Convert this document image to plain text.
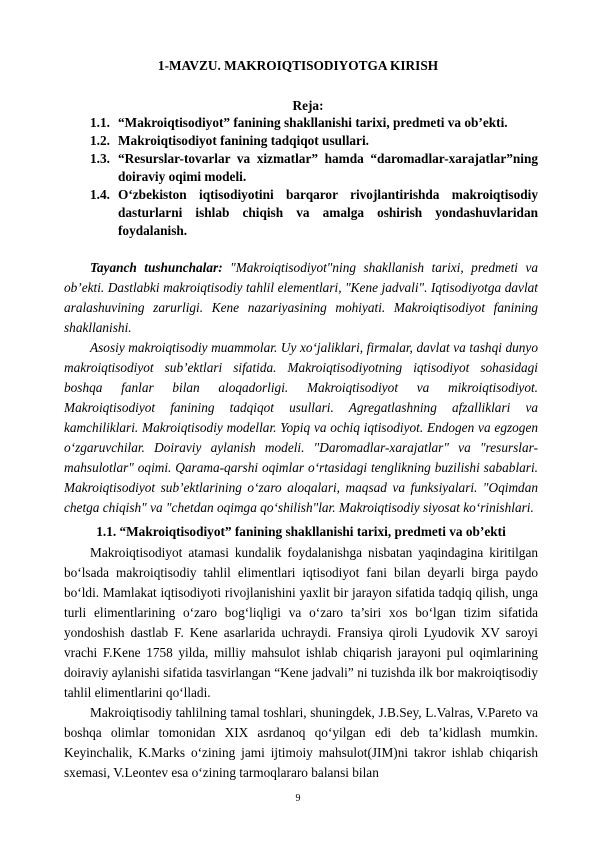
1-MAVZU. MAKROIQTISODIYOTGA KIRISH
Reja:
1.1. “Makroiqtisodiyot” fanining shakllanishi tarixi, predmeti va ob’ekti.
1.2. Makroiqtisodiyot fanining tadqiqot usullari.
1.3. “Resurslar-tovarlar va xizmatlar” hamda “daromadlar-xarajatlar”ning doiraviy oqimi modeli.
1.4. O‘zbekiston iqtisodiyotini barqaror rivojlantirishda makroiqtisodiy dasturlarni ishlab chiqish va amalga oshirish yondashuvlaridan foydalanish.

Tayanch tushunchalar: "Makroiqtisodiyot"ning shakllanish tarixi, predmeti va ob’ekti. Dastlabki makroiqtisodiy tahlil elementlari, "Kene jadvali". Iqtisodiyotga davlat aralashuvining zarurligi. Kene nazariyasining mohiyati. Makroiqtisodiyot fanining shakllanishi.

Asosiy makroiqtisodiy muammolar. Uy xo‘jaliklari, firmalar, davlat va tashqi dunyo makroiqtisodiyot sub’ektlari sifatida. Makroiqtisodiyotning iqtisodiyot sohasidagi boshqa fanlar bilan aloqadorligi. Makroiqtisodiyot va mikroiqtisodiyot. Makroiqtisodiyot fanining tadqiqot usullari. Agregatlashning afzalliklari va kamchiliklari. Makroiqtisodiy modellar. Yopiq va ochiq iqtisodiyot. Endogen va egzogen o‘zgaruvchilar. Doiraviy aylanish modeli. "Daromadlar-xarajatlar" va "resurslar-mahsulotlar" oqimi. Qarama-qarshi oqimlar o‘rtasidagi tenglikning buzilishi sabablari. Makroiqtisodiyot sub’ektlarining o‘zaro aloqalari, maqsad va funksiyalari. "Oqimdan chetga chiqish" va "chetdan oqimga qo‘shilish"lar. Makroiqtisodiy siyosat ko‘rinishlari.

1.1. “Makroiqtisodiyot” fanining shakllanishi tarixi, predmeti va ob’ekti

Makroiqtisodiyot atamasi kundalik foydalanishga nisbatan yaqindagina kiritilgan bo‘lsada makroiqtisodiy tahlil elimentlari iqtisodiyot fani bilan deyarli birga paydo bo‘ldi. Mamlakat iqtisodiyoti rivojlanishini yaxlit bir jarayon sifatida tadqiq qilish, unga turli elimentlarining o‘zaro bog‘liqligi va o‘zaro ta’siri xos bo‘lgan tizim sifatida yondoshish dastlab F. Kene asarlarida uchraydi. Fransiya qiroli Lyudovik XV saroyi vrachi F.Kene 1758 yilda, milliy mahsulot ishlab chiqarish jarayoni pul oqimlarining doiraviy aylanishi sifatida tasvirlangan “Kene jadvali” ni tuzishda ilk bor makroiqtisodiy tahlil elimentlarini qo‘lladi.

Makroiqtisodiy tahlilning tamal toshlari, shuningdek, J.B.Sey, L.Valras, V.Pareto va boshqa olimlar tomonidan XIX asrdanoq qo‘yilgan edi deb ta’kidlash mumkin. Keyinchalik, K.Marks o‘zining jami ijtimoiy mahsulot(JIM)ni takror ishlab chiqarish sxemasi, V.Leontev esa o‘zining tarmoqlararo balansi bilan

9
